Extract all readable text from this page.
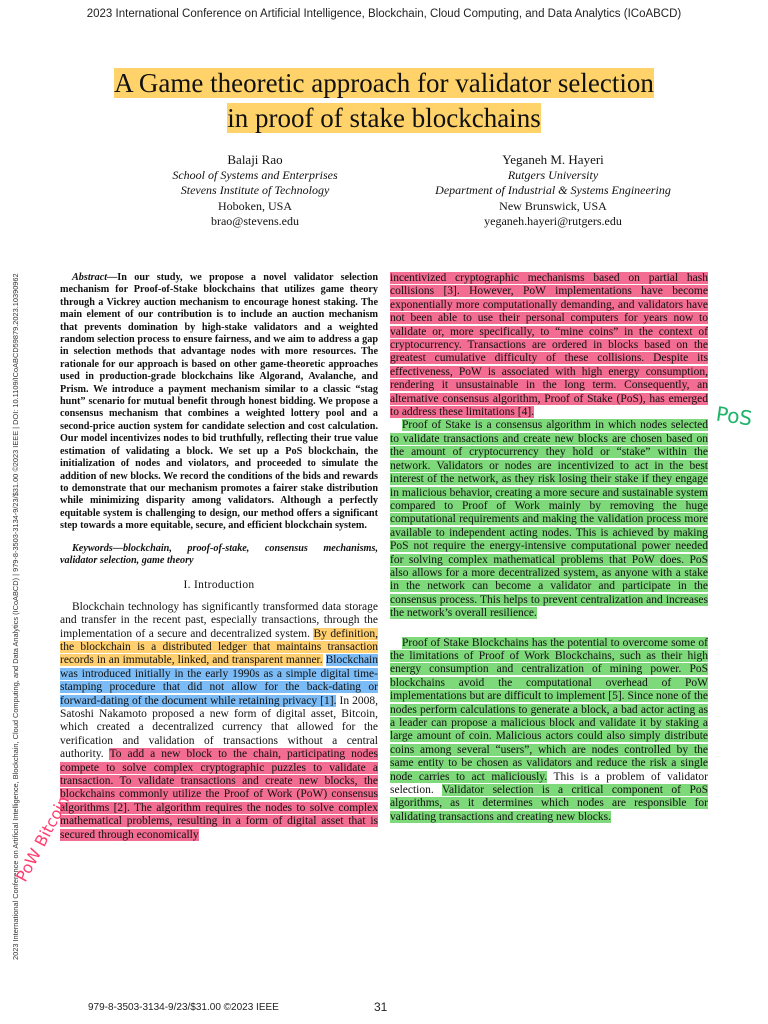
2023 International Conference on Artificial Intelligence, Blockchain, Cloud Computing, and Data Analytics (ICoABCD)
2023 International Conference on Artificial Intelligence, Blockchain, Cloud Computing, and Data Analytics (ICoABCD) | 979-8-3503-3134-9/23/$31.00 ©2023 IEEE | DOI: 10.1109/ICoABCD59879.2023.10390962
A Game theoretic approach for validator selection
in proof of stake blockchains
Balaji Rao
School of Systems and Enterprises
Stevens Institute of Technology
Hoboken, USA
brao@stevens.edu
Yeganeh M. Hayeri
Rutgers University
Department of Industrial & Systems Engineering
New Brunswick, USA
yeganeh.hayeri@rutgers.edu

Abstract—In our study, we propose a novel validator selection mechanism for Proof-of-Stake blockchains that utilizes game theory through a Vickrey auction mechanism to encourage honest staking. The main element of our contribution is to include an auction mechanism that prevents domination by high-stake validators and a weighted random selection process to ensure fairness, and we aim to address a gap in selection methods that advantage nodes with more resources. The rationale for our approach is based on other game-theoretic approaches used in production-grade blockchains like Algorand, Avalanche, and Prism. We introduce a payment mechanism similar to a classic “stag hunt” scenario for mutual benefit through honest bidding. We propose a consensus mechanism that combines a weighted lottery pool and a second-price auction system for candidate selection and cost calculation. Our model incentivizes nodes to bid truthfully, reflecting their true value estimation of validating a block. We set up a PoS blockchain, the initialization of nodes and violators, and proceeded to simulate the addition of new blocks. We record the conditions of the bids and rewards to demonstrate that our mechanism promotes a fairer stake distribution while minimizing disparity among validators. Although a perfectly equitable system is challenging to design, our method offers a significant step towards a more equitable, secure, and efficient blockchain system.

Keywords—blockchain, proof-of-stake, consensus mechanisms, validator selection, game theory

I. Introduction

Blockchain technology has significantly transformed data storage and transfer in the recent past, especially transactions, through the implementation of a secure and decentralized system. By definition, the blockchain is a distributed ledger that maintains transaction records in an immutable, linked, and transparent manner. Blockchain was introduced initially in the early 1990s as a simple digital time-stamping procedure that did not allow for the back-dating or forward-dating of the document while retaining privacy [1]. In 2008, Satoshi Nakamoto proposed a new form of digital asset, Bitcoin, which created a decentralized currency that allowed for the verification and validation of transactions without a central authority. To add a new block to the chain, participating nodes compete to solve complex cryptographic puzzles to validate a transaction. To validate transactions and create new blocks, the blockchains commonly utilize the Proof of Work (PoW) consensus algorithms [2]. The algorithm requires the nodes to solve complex mathematical problems, resulting in a form of digital asset that is secured through economically

incentivized cryptographic mechanisms based on partial hash collisions [3]. However, PoW implementations have become exponentially more computationally demanding, and validators have not been able to use their personal computers for years now to validate or, more specifically, to “mine coins” in the context of cryptocurrency. Transactions are ordered in blocks based on the greatest cumulative difficulty of these collisions. Despite its effectiveness, PoW is associated with high energy consumption, rendering it unsustainable in the long term. Consequently, an alternative consensus algorithm, Proof of Stake (PoS), has emerged to address these limitations [4].

Proof of Stake is a consensus algorithm in which nodes selected to validate transactions and create new blocks are chosen based on the amount of cryptocurrency they hold or “stake” within the network. Validators or nodes are incentivized to act in the best interest of the network, as they risk losing their stake if they engage in malicious behavior, creating a more secure and sustainable system compared to Proof of Work mainly by removing the huge computational requirements and making the validation process more available to independent acting nodes. This is achieved by making PoS not require the energy-intensive computational power needed for solving complex mathematical problems that PoW does. PoS also allows for a more decentralized system, as anyone with a stake in the network can become a validator and participate in the consensus process. This helps to prevent centralization and increases the network’s overall resilience.

Proof of Stake Blockchains has the potential to overcome some of the limitations of Proof of Work Blockchains, such as their high energy consumption and centralization of mining power. PoS blockchains avoid the computational overhead of PoW implementations but are difficult to implement [5]. Since none of the nodes perform calculations to generate a block, a bad actor acting as a leader can propose a malicious block and validate it by staking a large amount of coin. Malicious actors could also simply distribute coins among several “users”, which are nodes controlled by the same entity to be chosen as validators and reduce the risk a single node carries to act maliciously. This is a problem of validator selection. Validator selection is a critical component of PoS algorithms, as it determines which nodes are responsible for validating transactions and creating new blocks.

PoS
PoW Bitcoin
979-8-3503-3134-9/23/$31.00 ©2023 IEEE	31
